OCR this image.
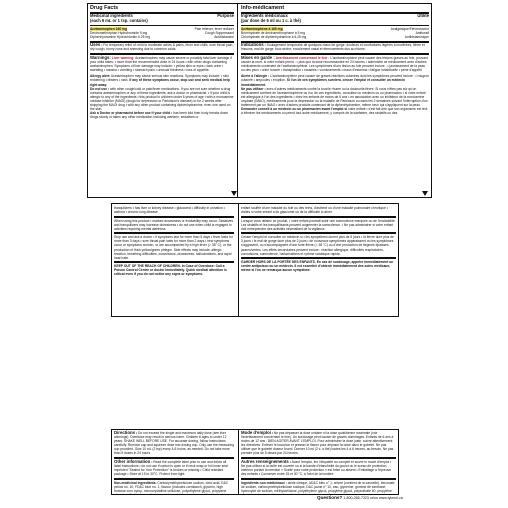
Drug Facts
Medicinal ingredients	Purpose
(each 5 mL or 1 tsp. contains)
Acetaminophen 160 mg	Pain reliever, fever reducer
Dextromethorphan Hydrobromide 5 mg	Cough Suppressant
Diphenhydramine Hydrochloride 6.25 mg	Antihistamine

Uses • For temporary relief of: mild to moderate aches & pains, fever and chills, sore throat pain, dry cough, runny nose and sneezing due to common colds.

Warnings: Liver warning: Acetaminophen may cause severe or possibly fatal liver damage if your child takes: • more than the recommended dose in 24 hours • with other drugs containing acetaminophen. Symptoms of liver damage may include: • yellow skin or eyes • dark urine • sweating • nausea • vomiting • stomach pain • unusual tiredness • loss of appetite.

Allergy alert: Acetaminophen may cause serious skin reactions. Symptoms may include: • skin reddening • blisters • rash. If any of these symptoms occur, stop use and seek medical help right away.

Do not use • with other cough/cold or pain/fever medications. If you are not sure whether a drug contains acetaminophen or any of these ingredients, ask a doctor or pharmacist. • if your child is allergic to any of the ingredients • this product in children under 6 years of age • with a monoamine oxidase inhibitor (MAOI) (drugs for depression or Parkinson's disease) or for 2 weeks after stopping the MAOI drug • with any other product containing diphenhydramine, even one used on the skin.

Ask a Doctor or pharmacist before use if your child • has been told their body breaks down drugs slowly or takes any other medication including warfarin, sedatives or

Info-médicament
Ingrédients médicinaux	Utilité
(par dose de 5 ml ou 1 c. à thé)
Acétaminophène à 160 mg	Analgésique/Fièvreducéur
Bromhydrate de dextrométhorphane à 5 mg	Antitussif
Chlorhydrate de diphenhydramine à 6,25 mg	Antihistaminique

Indications • Soulagement temporaire de quelques maux de gorge, douleurs et courbatures légères à modérées, fièvre et frissons, mal de gorge, toux sèche, écoulement nasal et éternuements dus au rhume.

Mises en garde : Avertissement concernant le foie : L'acétaminophène peut causer des lésions graves au foie, pouvant causer la mort, si votre enfant prend : • plus que la dose recommandée en 24 heures • administré ce médicament avec d'autres médicaments contenant de l'acétaminophène. Les symptômes d'une lésion au foie peuvent inclure : • jaunissement de la peau ou des yeux • urine foncée • transpiration • nausées • vomissements • maux d'estomac • fatigue inhabituelle • perte d'appétit

Alerte à l'allergie : L'acétaminophène peut causer de graves réactions cutanées dont les symptômes peuvent inclure : • rougeur cutanée • ampoules • éruption. Si l'un de ces symptômes survient, cesser l'emploi et consulter un médecin immédiatement.

Ne pas utiliser • avec d'autres médicaments contre la toux/le rhume ou la douleur/la fièvre. Si vous n'êtes pas sûr qu'un médicament contient de l'acétaminophène ou l'un de ces ingrédients, consultez un médecin ou un pharmacien • si votre enfant est allergique à l'un des ingrédients • chez les enfants de moins de 6 ans • en association avec un inhibiteur de la monoamine oxydase (IMAO), médicaments pour la dépression ou la maladie de Parkinson ou dans les 2 semaines suivant l'interruption d'un traitement par un IMAO • avec d'autres produits contenant de la diphenhydramine, même ceux qui s'appliquent sur la peau.

Demander conseil à un médecin ou un pharmacien avant l'emploi si votre enfant • s'est fait dire que son organisme est lent à éliminer les médicaments ou prend tout autre médicament, y compris de la warfarine, des sédatifs ou des

tranquilizers • has liver or kidney disease • glaucoma • difficulty in urination • asthma • chronic lung disease

When using this product • marked drowsiness or excitability may occur. Sedatives and tranquilizers may increase drowsiness • do not use when child is engaged in activities requiring mental alertness

Stop use and ask a doctor • if symptoms last for more than 5 days • fever lasts for more than 3 days • sore throat pain lasts for more than 2 days • new symptoms occur or symptoms worsen, or are accompanied by a high fever (> 38° C), or the production of thick yellow/green phlegm. Side effects may include: allergic reaction, breathing difficulties, convulsions, drowsiness, hallucinations, and rapid heart rate.

KEEP OUT OF THE REACH OF CHILDREN. In Case of Overdose: Call a Poison Control Centre or doctor immediately. Quick medical attention is critical even if you do not notice any signs or symptoms.

enfant souffre d'une maladie du foie ou des reins, d'asthme ou d'une maladie pulmonaire chronique • visites si votre enfant a du glaucome ou de la difficulté à uriner

Lorsque vous utilisez ce produit, • votre enfant pourrait subir une somnolence marquée ou de l'excitabilité. Les sédatifs et les tranquillisants peuvent augmenter la somnolence. • Ne pas administrer si votre enfant doit entreprendre des activités nécessitant de la vigilance.

Cesser l'emploi et consulter un médecin si • les symptômes durent plus de 5 jours • la fièvre dure plus de 3 jours • le mal de gorge dure plus de 2 jours • de nouveaux symptômes apparaissent ou les symptômes s'aggravent, ou s'accompagnent d'une forte fièvre (> 38 °C) ou d'une production de flegmes épaisses jaunes/vertes. Les effets secondaires peuvent inclure : réaction allergique, difficultés respiratoires, convulsions, somnolence, hallucinations et rythme cardiaque rapide.

GARDER HORS DE LA PORTÉE DES ENFANTS. En cas de surdosage, appeler immédiatement un centre antipoison ou un médecin. Il est essentiel d'obtenir immédiatement des soins médicaux, même si l'on ne remarque aucun symptôme.

Directions • Do not exceed the single and maximum daily dose (see liver warnings). Overdose may result in serious harm. Children 6 ages to under 12 years: SHAKE WELL BEFORE USE. For accurate dosing, follow instructions carefully. Remove cap and squeeze dose into dosing cup. Only use the measuring cup provided. Give 10 mL (2 tsp) every 4-6 hours, as needed. Do not take more than 5 doses in 24 hours.

Other information • Read the complete label prior to use and follow all label instructions • do not use if carton is open or if neck wrap or foil inner seal imprinted "Sealed for Your Protection" is broken or missing • Child resistant package • Store at 15 to 30°C. Protect from light.

Non-medicinal ingredients: Carboxymethylcellulose sodium, citric acid, D&C yellow no. 10, FD&C blue no. 1, flavour (includes cornstarch, glycerin, high fructose corn syrup, microcrystalline cellulose, polyethylene glycol, propylene

Mode d'emploi • Ne pas dépasser la dose unitaire ni la dose quotidienne maximale (voir l'avertissement concernant le foie). Un surdosage peut causer de graves dommages. Enfants de 6 ans à moins de 12 ans : BIEN AGITER AVANT L'EMPLOI. Pour administrer la dose juste, suivre attentivement les directives. Enlever le bouchon et presser le flacon pour déposer la dose dans le gobelet. Ne pas utiliser que le gobelet doseur fourni. Donner 10 ml (2 c. à thé) toutes les 4 à 6 heures, au besoin. Ne pas prendre plus de 5 doses par 24 heures.

Autres renseignements • Avant l'emploi, lire l'étiquette au complet et suivre le mode d'emploi • Ne pas utiliser si la boîte est ouverte ou si la bande d'étanchéité du goulot ou le sceau de protection intérieur portant la mention « Scellé pour votre protection » est brisé ou absent • Emballage à l'épreuve des enfants • Conserver entre 15 et 30 °C, à l'abri de la lumière.

Ingrédients non médicinaux : acide citrique, AD&C bleu n° 1, arôme (contient de la cannelle), benzoate de sodium, carboxyméthylcellulose sodique, D&C jaune n° 10, eau, glycérine, gomme de xanthane, hydroxyde de sodium, méthylcellulose, polyethylene glycol, propylène glycol, polysorbate 60, propylène

Questions? 1-800-265-7323 or/ou www.tylenol.ca
